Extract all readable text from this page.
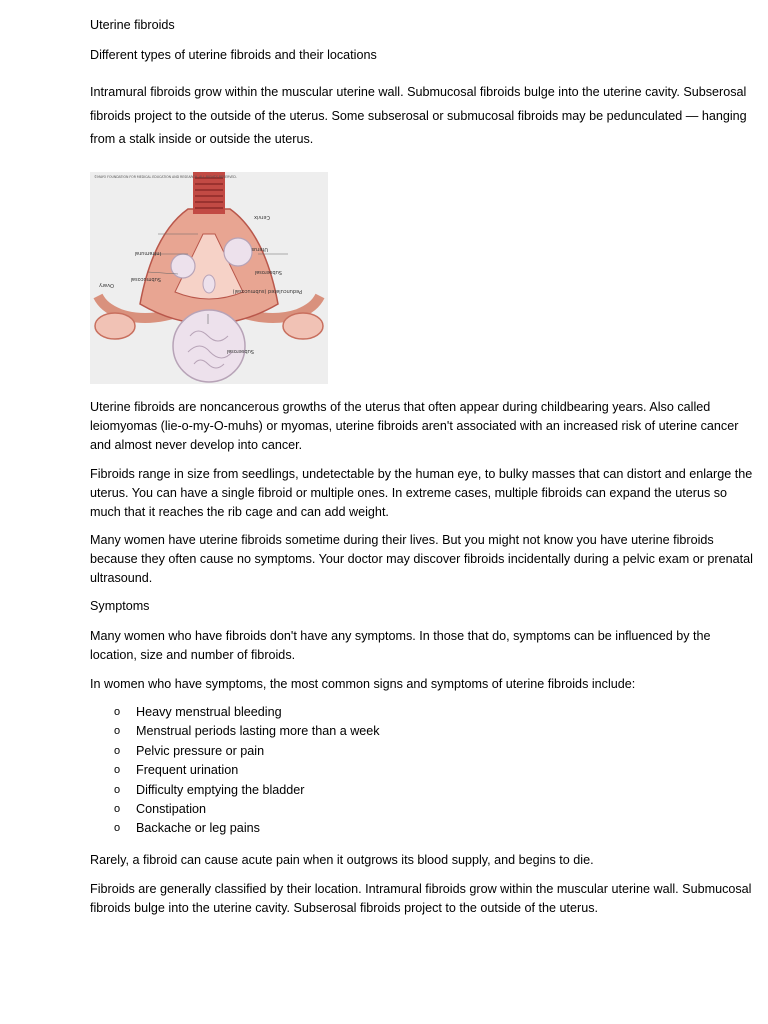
Uterine fibroids

Different types of uterine fibroids and their locations

Intramural fibroids grow within the muscular uterine wall. Submucosal fibroids bulge into the uterine cavity. Subserosal fibroids project to the outside of the uterus. Some subserosal or submucosal fibroids may be pedunculated — hanging from a stalk inside or outside the uterus.

Cervix
Uterus
Intramural
Submucosal
Ovary
Subserosal
Pedunculated (submucosal)
Subserosal
©MAYO FOUNDATION FOR MEDICAL EDUCATION AND RESEARCH. ALL RIGHTS RESERVED.

Uterine fibroids are noncancerous growths of the uterus that often appear during childbearing years. Also called leiomyomas (lie-o-my-O-muhs) or myomas, uterine fibroids aren't associated with an increased risk of uterine cancer and almost never develop into cancer.

Fibroids range in size from seedlings, undetectable by the human eye, to bulky masses that can distort and enlarge the uterus. You can have a single fibroid or multiple ones. In extreme cases, multiple fibroids can expand the uterus so much that it reaches the rib cage and can add weight.

Many women have uterine fibroids sometime during their lives. But you might not know you have uterine fibroids because they often cause no symptoms. Your doctor may discover fibroids incidentally during a pelvic exam or prenatal ultrasound.

Symptoms

Many women who have fibroids don't have any symptoms. In those that do, symptoms can be influenced by the location, size and number of fibroids.

In women who have symptoms, the most common signs and symptoms of uterine fibroids include:

o Heavy menstrual bleeding
o Menstrual periods lasting more than a week
o Pelvic pressure or pain
o Frequent urination
o Difficulty emptying the bladder
o Constipation
o Backache or leg pains

Rarely, a fibroid can cause acute pain when it outgrows its blood supply, and begins to die.

Fibroids are generally classified by their location. Intramural fibroids grow within the muscular uterine wall. Submucosal fibroids bulge into the uterine cavity. Subserosal fibroids project to the outside of the uterus.
